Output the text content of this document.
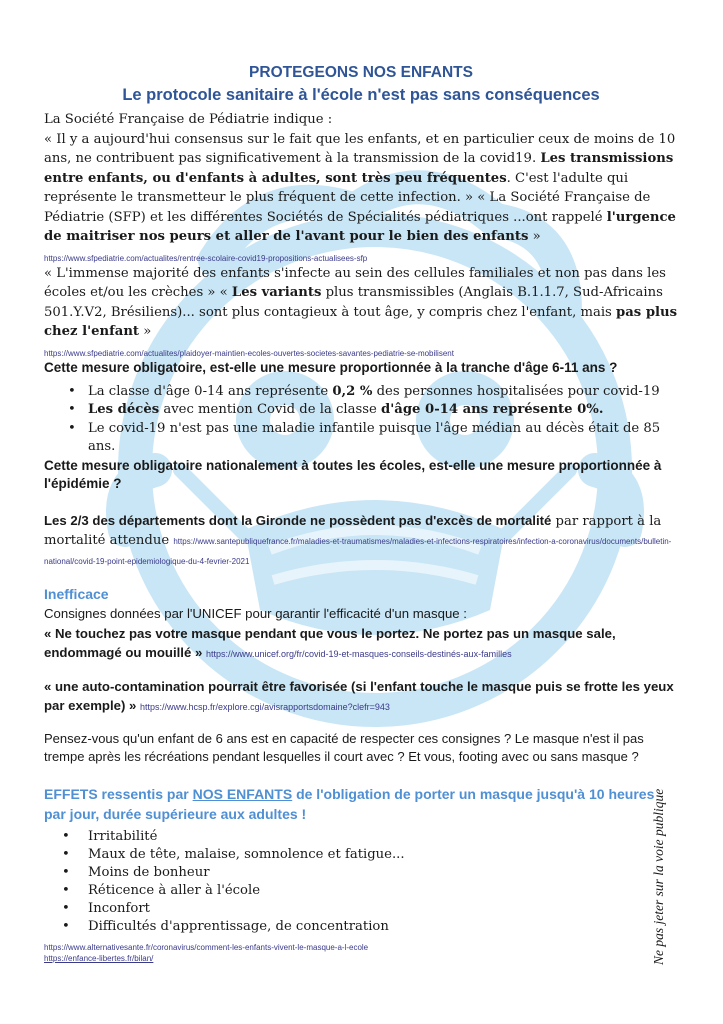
PROTEGEONS NOS ENFANTS

Le protocole sanitaire à l'école n'est pas sans conséquences

La Société Française de Pédiatrie indique :

« Il y a aujourd'hui consensus sur le fait que les enfants, et en particulier ceux de moins de 10 ans, ne contribuent pas significativement à la transmission de la covid19. Les transmissions entre enfants, ou d'enfants à adultes, sont très peu fréquentes. C'est l'adulte qui représente le transmetteur le plus fréquent de cette infection. » « La Société Française de Pédiatrie (SFP) et les différentes Sociétés de Spécialités pédiatriques ...ont rappelé l'urgence de maitriser nos peurs et aller de l'avant pour le bien des enfants »

https://www.sfpediatrie.com/actualites/rentree-scolaire-covid19-propositions-actualisees-sfp

« L'immense majorité des enfants s'infecte au sein des cellules familiales et non pas dans les écoles et/ou les crèches » « Les variants plus transmissibles (Anglais B.1.1.7, Sud-Africains 501.Y.V2, Brésiliens)... sont plus contagieux à tout âge, y compris chez l'enfant, mais pas plus chez l'enfant »

https://www.sfpediatrie.com/actualites/plaidoyer-maintien-ecoles-ouvertes-societes-savantes-pediatrie-se-mobilisent

Cette mesure obligatoire, est-elle une mesure proportionnée à la tranche d'âge 6-11 ans ?

• La classe d'âge 0-14 ans représente 0,2 % des personnes hospitalisées pour covid-19
• Les décès avec mention Covid de la classe d'âge 0-14 ans représente 0%.
• Le covid-19 n'est pas une maladie infantile puisque l'âge médian au décès était de 85 ans.

Cette mesure obligatoire nationalement à toutes les écoles, est-elle une mesure proportionnée à l'épidémie ?

Les 2/3 des départements dont la Gironde ne possèdent pas d'excès de mortalité par rapport à la mortalité attendue https://www.santepubliquefrance.fr/maladies-et-traumatismes/maladies-et-infections-respiratoires/infection-a-coronavirus/documents/bulletin- national/covid-19-point-epidemiologique-du-4-fevrier-2021

Inefficace

Consignes données par l'UNICEF pour garantir l'efficacité d'un masque :

« Ne touchez pas votre masque pendant que vous le portez. Ne portez pas un masque sale, endommagé ou mouillé » https://www.unicef.org/fr/covid-19-et-masques-conseils-destinés-aux-familles

« une auto-contamination pourrait être favorisée (si l'enfant touche le masque puis se frotte les yeux par exemple) » https://www.hcsp.fr/explore.cgi/avisrapportsdomaine?clefr=943

Pensez-vous qu'un enfant de 6 ans est en capacité de respecter ces consignes ? Le masque n'est il pas trempe après les récréations pendant lesquelles il court avec ? Et vous, footing avec ou sans masque ?

EFFETS ressentis par NOS ENFANTS de l'obligation de porter un masque jusqu'à 10 heures par jour, durée supérieure aux adultes !

• Irritabilité
• Maux de tête, malaise, somnolence et fatigue...
• Moins de bonheur
• Réticence à aller à l'école
• Inconfort
• Difficultés d'apprentissage, de concentration

https://www.alternativesante.fr/coronavirus/comment-les-enfants-vivent-le-masque-a-l-ecole

https://enfance-libertes.fr/bilan/	Ne pas jeter sur la voie publique
